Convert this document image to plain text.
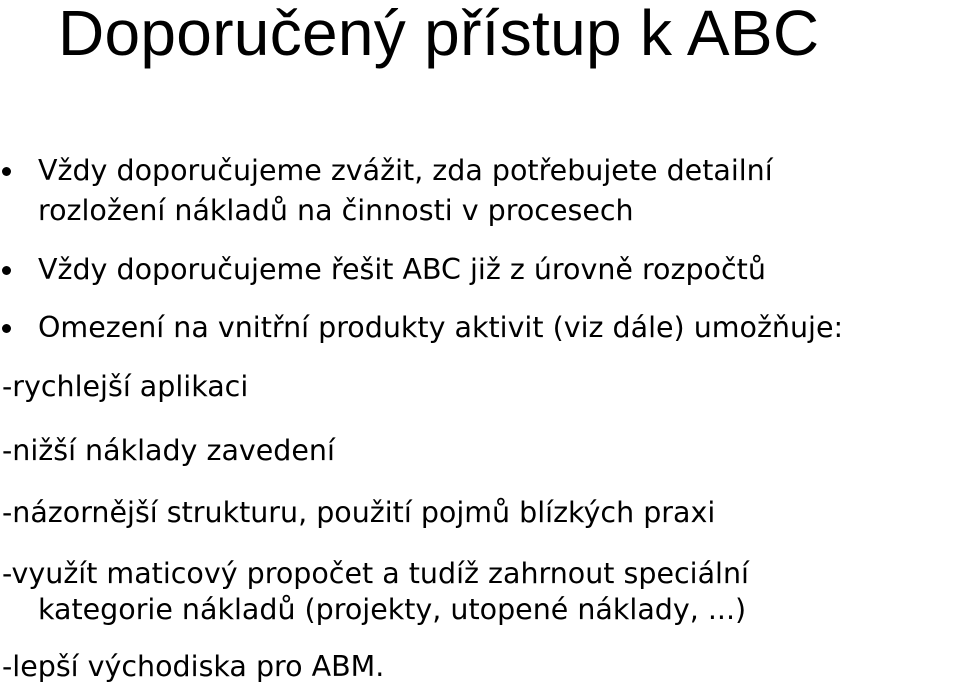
Doporučený přístup k ABC

Vždy doporučujeme zvážit, zda potřebujete detailní

rozložení nákladů na činnosti v procesech

Vždy doporučujeme řešit ABC již z úrovně rozpočtů

Omezení na vnitřní produkty aktivit (viz dále) umožňuje:

-rychlejší aplikaci

-nižší náklady zavedení

-názornější strukturu, použití pojmů blízkých praxi

-využít maticový propočet a tudíž zahrnout speciální

kategorie nákladů (projekty, utopené náklady, ...)

-lepší východiska pro ABM.
